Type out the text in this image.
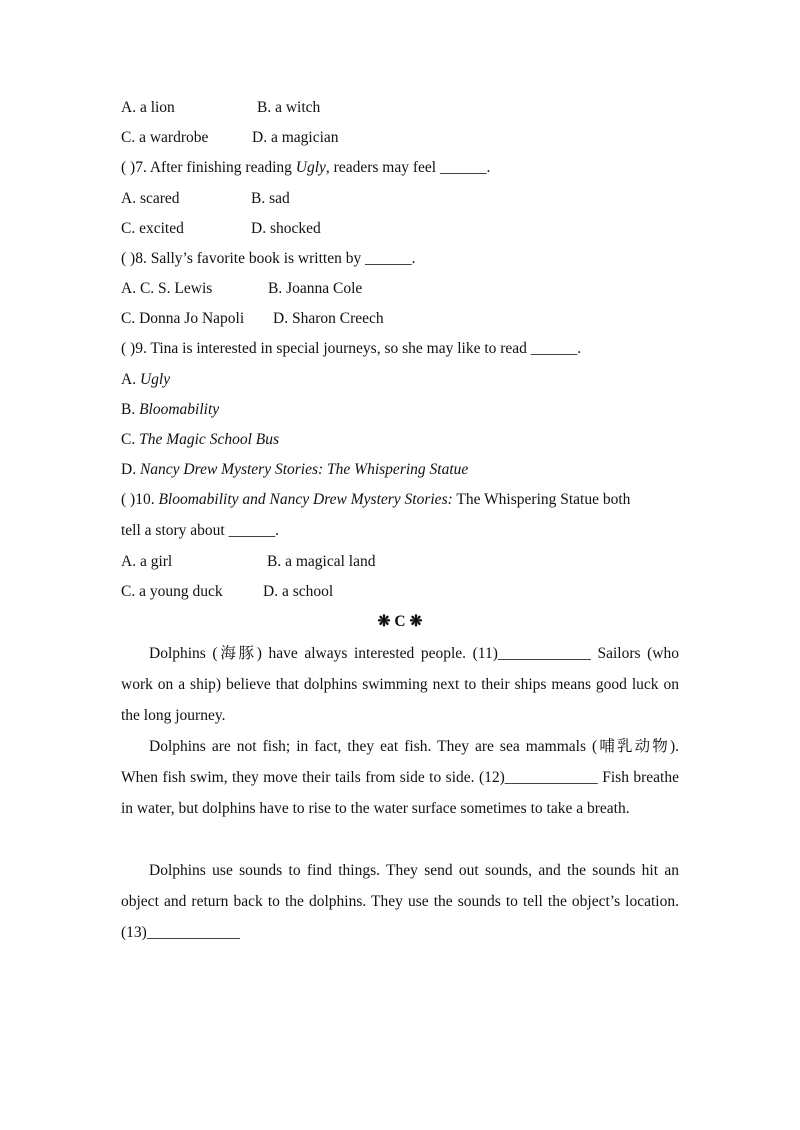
A. a lion	B. a witch
C. a wardrobe	D. a magician
( )7. After finishing reading Ugly, readers may feel ______.
A. scared	B. sad
C. excited	D. shocked
( )8. Sally’s favorite book is written by ______.
A. C. S. Lewis	B. Joanna Cole
C. Donna Jo Napoli D. Sharon Creech
( )9. Tina is interested in special journeys, so she may like to read ______.
A. Ugly
B. Bloomability
C. The Magic School Bus
D. Nancy Drew Mystery Stories: The Whispering Statue
( )10. Bloomability and Nancy Drew Mystery Stories: The Whispering Statue both
tell a story about ______.
A. a girl	B. a magical land
C. a young duck	D. a school
❋ C ❋
Dolphins (海豚) have always interested people. (11)____________ Sailors (who work on a ship) believe that dolphins swimming next to their ships means good luck on the long journey.
Dolphins are not fish; in fact, they eat fish. They are sea mammals (哺乳动物). When fish swim, they move their tails from side to side. (12)____________ Fish breathe in water, but dolphins have to rise to the water surface sometimes to take a breath.
Dolphins use sounds to find things. They send out sounds, and the sounds hit an object and return back to the dolphins. They use the sounds to tell the object’s location. (13)____________
